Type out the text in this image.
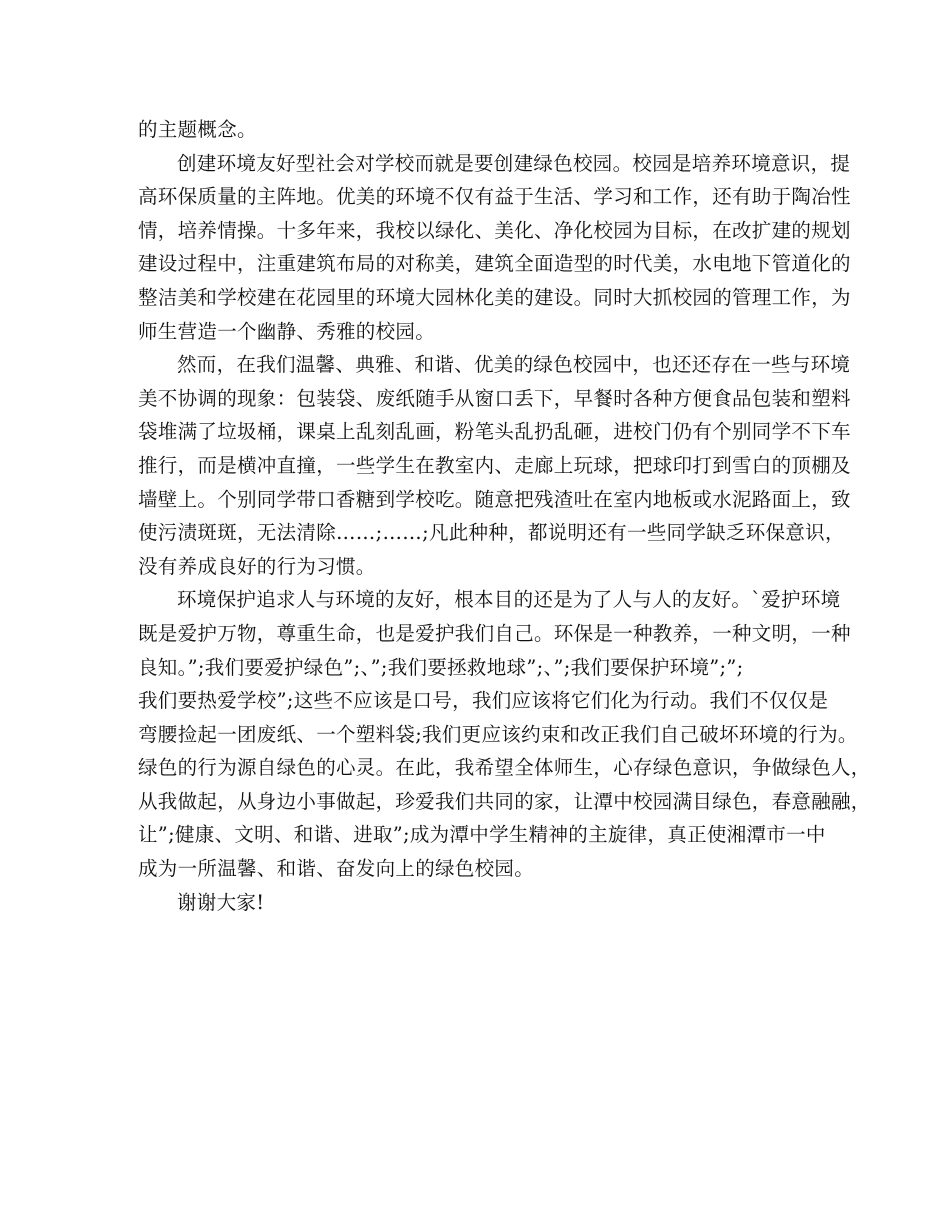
的主题概念。
创建环境友好型社会对学校而就是要创建绿色校园。校园是培养环境意识，提
高环保质量的主阵地。优美的环境不仅有益于生活、学习和工作，还有助于陶冶性
情，培养情操。十多年来，我校以绿化、美化、净化校园为目标，在改扩建的规划
建设过程中，注重建筑布局的对称美，建筑全面造型的时代美，水电地下管道化的
整洁美和学校建在花园里的环境大园林化美的建设。同时大抓校园的管理工作，为
师生营造一个幽静、秀雅的校园。
然而，在我们温馨、典雅、和谐、优美的绿色校园中，也还还存在一些与环境
美不协调的现象：包装袋、废纸随手从窗口丢下，早餐时各种方便食品包装和塑料
袋堆满了垃圾桶，课桌上乱刻乱画，粉笔头乱扔乱砸，进校门仍有个别同学不下车
推行，而是横冲直撞，一些学生在教室内、走廊上玩球，把球印打到雪白的顶棚及
墙壁上。个别同学带口香糖到学校吃。随意把残渣吐在室内地板或水泥路面上，致
使污渍斑斑，无法清除……;……;凡此种种，都说明还有一些同学缺乏环保意识，
没有养成良好的行为习惯。
环境保护追求人与环境的友好，根本目的还是为了人与人的友好。`爱护环境
既是爱护万物，尊重生命，也是爱护我们自己。环保是一种教养，一种文明，一种
良知。”;我们要爱护绿色”;、”;我们要拯救地球”;、”;我们要保护环境”;”;
我们要热爱学校”;这些不应该是口号，我们应该将它们化为行动。我们不仅仅是
弯腰捡起一团废纸、一个塑料袋;我们更应该约束和改正我们自己破坏环境的行为。
绿色的行为源自绿色的心灵。在此，我希望全体师生，心存绿色意识，争做绿色人，
从我做起，从身边小事做起，珍爱我们共同的家，让潭中校园满目绿色，春意融融，
让”;健康、文明、和谐、进取”;成为潭中学生精神的主旋律，真正使湘潭市一中
成为一所温馨、和谐、奋发向上的绿色校园。
谢谢大家!
